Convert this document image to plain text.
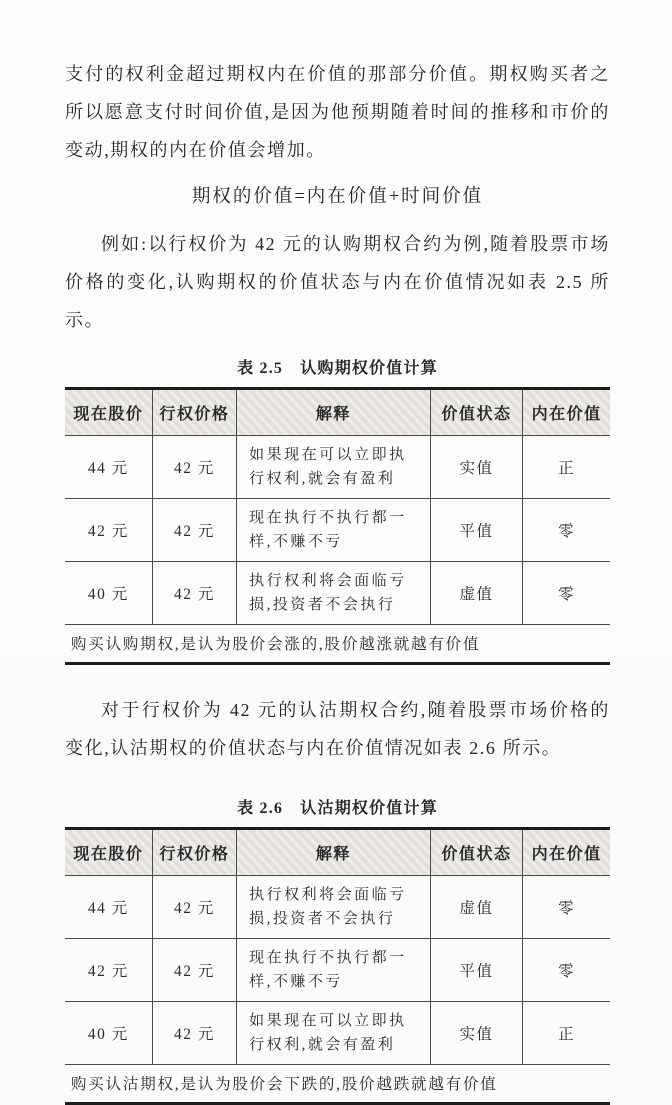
支付的权利金超过期权内在价值的那部分价值。期权购买者之所以愿意支付时间价值,是因为他预期随着时间的推移和市价的变动,期权的内在价值会增加。

期权的价值=内在价值+时间价值

例如:以行权价为 42 元的认购期权合约为例,随着股票市场价格的变化,认购期权的价值状态与内在价值情况如表 2.5 所示。

表 2.5　认购期权价值计算
现在股价	行权价格	解释	价值状态	内在价值
44 元	42 元	如果现在可以立即执行权利,就会有盈利	实值	正
42 元	42 元	现在执行不执行都一样,不赚不亏	平值	零
40 元	42 元	执行权利将会面临亏损,投资者不会执行	虚值	零
购买认购期权,是认为股价会涨的,股价越涨就越有价值				

对于行权价为 42 元的认沽期权合约,随着股票市场价格的变化,认沽期权的价值状态与内在价值情况如表 2.6 所示。

表 2.6　认沽期权价值计算
现在股价	行权价格	解释	价值状态	内在价值
44 元	42 元	执行权利将会面临亏损,投资者不会执行	虚值	零
42 元	42 元	现在执行不执行都一样,不赚不亏	平值	零
40 元	42 元	如果现在可以立即执行权利,就会有盈利	实值	正
购买认沽期权,是认为股价会下跌的,股价越跌就越有价值				
